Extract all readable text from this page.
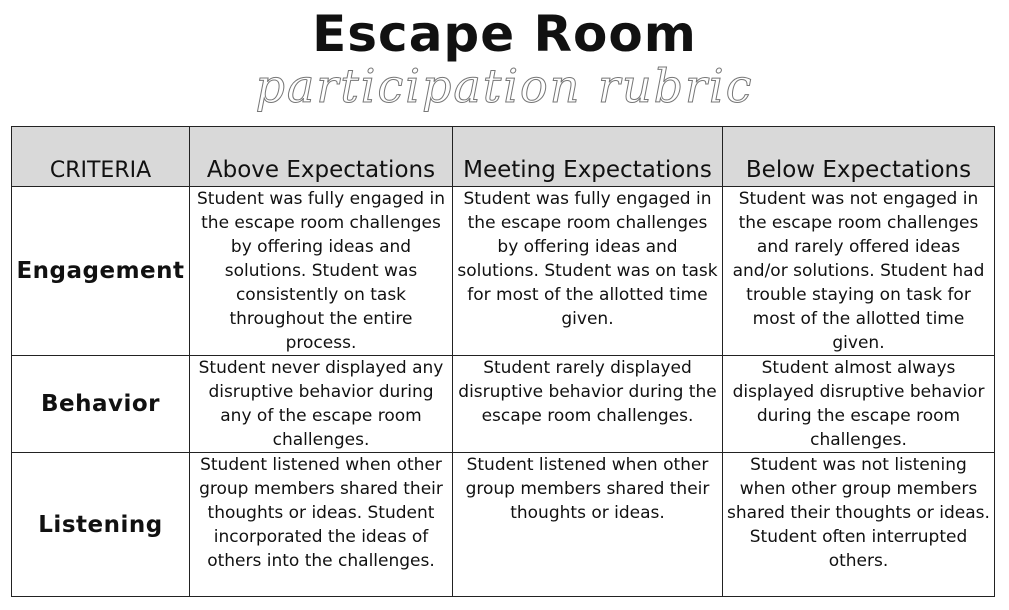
Escape Room
participation rubric
CRITERIA	Above Expectations	Meeting Expectations	Below Expectations
Engagement	Student was fully engaged in the escape room challenges by offering ideas and solutions. Student was consistently on task throughout the entire process.	Student was fully engaged in the escape room challenges by offering ideas and solutions. Student was on task for most of the allotted time given.	Student was not engaged in the escape room challenges and rarely offered ideas and/or solutions. Student had trouble staying on task for most of the allotted time given.
Behavior	Student never displayed any disruptive behavior during any of the escape room challenges.	Student rarely displayed disruptive behavior during the escape room challenges.	Student almost always displayed disruptive behavior during the escape room challenges.
Listening	Student listened when other group members shared their thoughts or ideas. Student incorporated the ideas of others into the challenges.	Student listened when other group members shared their thoughts or ideas.	Student was not listening when other group members shared their thoughts or ideas. Student often interrupted others.
